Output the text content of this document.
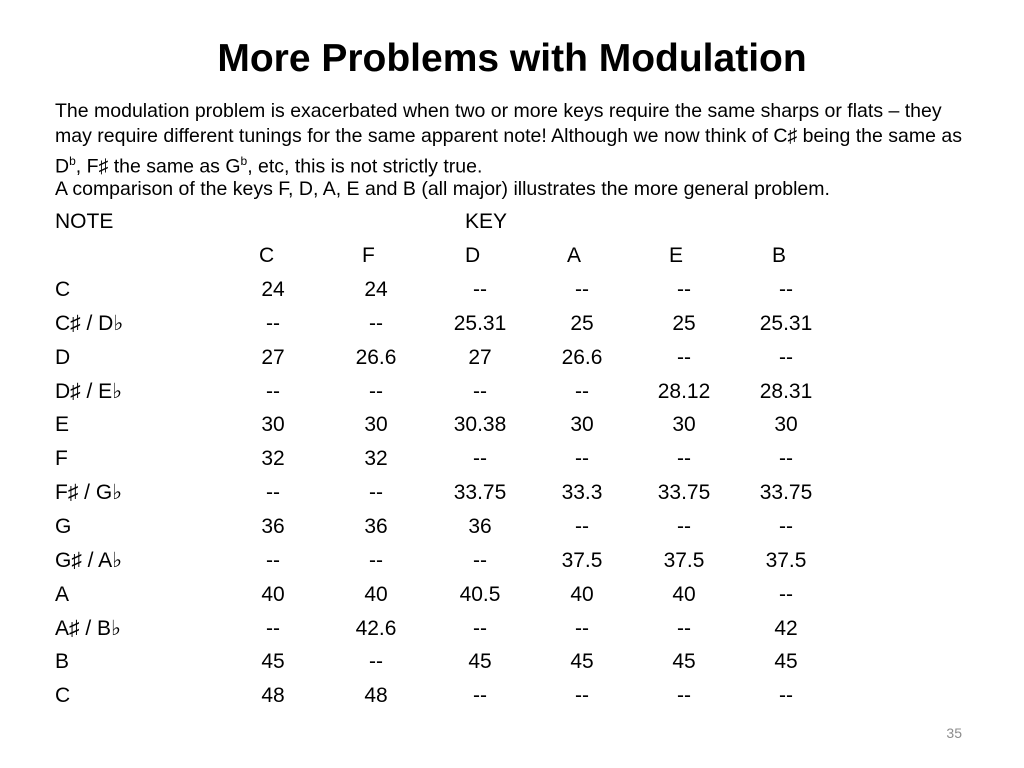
More Problems with Modulation
The modulation problem is exacerbated when two or more keys require the same sharps or flats – they may require different tunings for the same apparent note! Although we now think of C♯ being the same as $D^b$, F♯ the same as $G^b$, etc, this is not strictly true.
A comparison of the keys F, D, A, E and B (all major) illustrates the more general problem.
NOTE	KEY
C	F	D	A	E	B
C	24	24	--	--	--	--
C♯ / D♭	--	--	25.31	25	25	25.31
D	27	26.6	27	26.6	--	--
D♯ / E♭	--	--	--	--	28.12 28.31
E	30	30	30.38	30	30	30
F	32	32	--	--	--	--
F♯ / G♭	--	--	33.75	33.3	33.75 33.75
G	36	36	36	--	--	--
G♯ / A♭	--	--	--	37.5	37.5	37.5
A	40	40	40.5	40	40	--
A♯ / B♭	--	42.6	--	--	--	42
B	45	--	45	45	45	45
C	48	48	--	--	--	--
35
